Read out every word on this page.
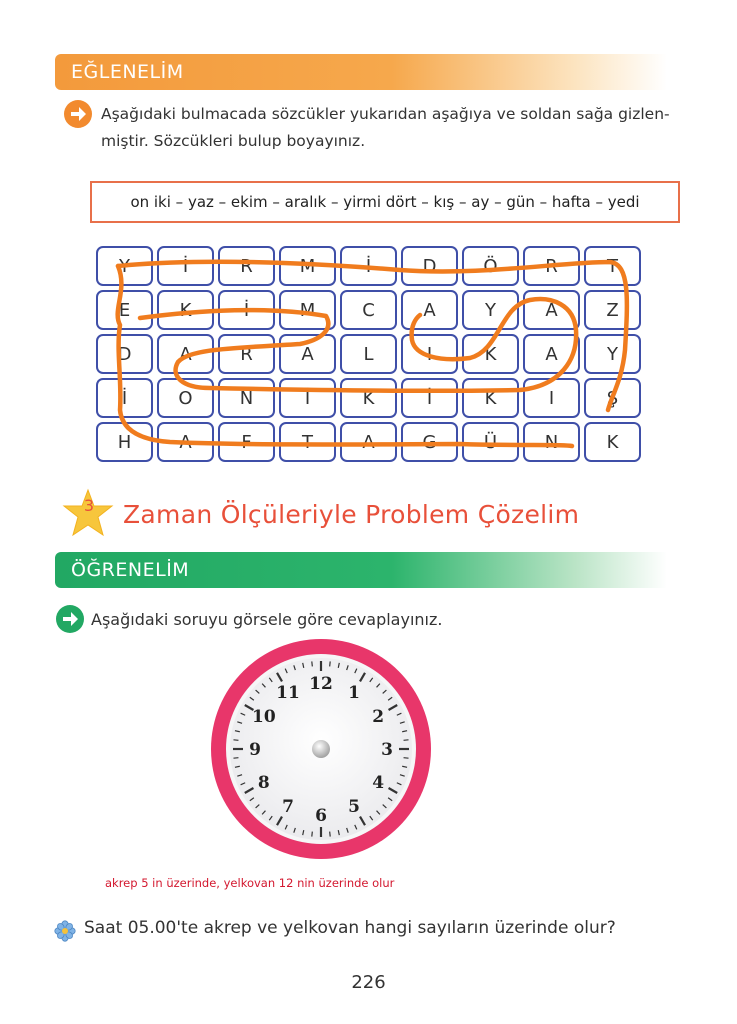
EĞLENELİM
Aşağıdaki bulmacada sözcükler yukarıdan aşağıya ve soldan sağa gizlen-
miştir. Sözcükleri bulup boyayınız.
on iki – yaz – ekim – aralık – yirmi dört – kış – ay – gün – hafta – yedi
Y	İ	R	M	İ	D	Ö	R	T
E	K	İ	M	C	A	Y	A	Z
D	A	R	A	L	I	K	A	Y
İ	O	N	İ	K	İ	K	I	Ş
H	A	F	T	A	G	Ü	N	K
3 Zaman Ölçüleriyle Problem Çözelim
ÖĞRENELİM
Aşağıdaki soruyu görsele göre cevaplayınız.
12 1
2
3
4
5
6
7
8
9
10
11
akrep 5 in üzerinde, yelkovan 12 nin üzerinde olur
Saat 05.00'te akrep ve yelkovan hangi sayıların üzerinde olur?
226
